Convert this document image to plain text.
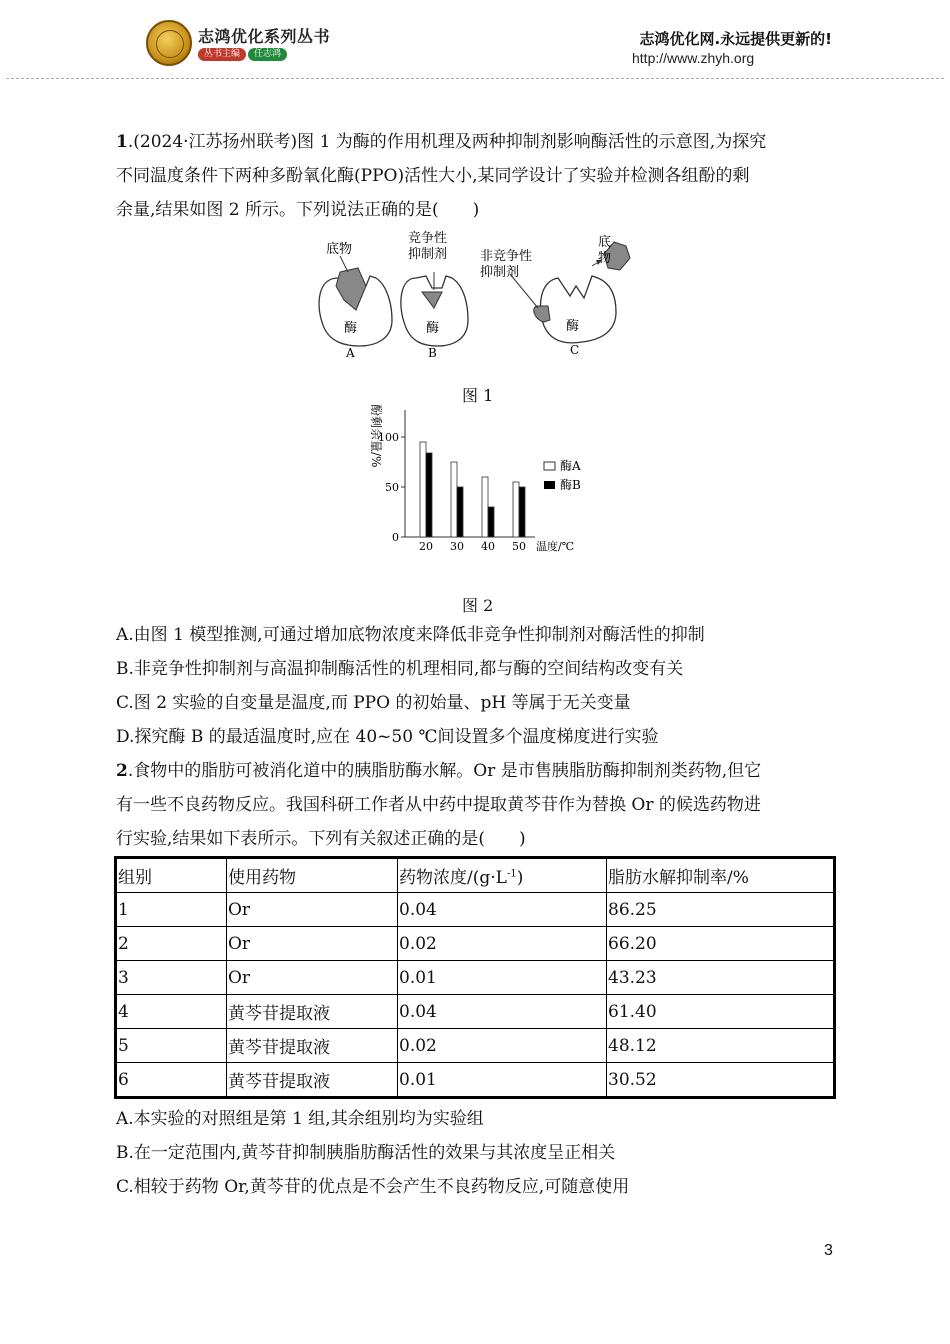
志鸿优化系列丛书
丛书主编	任志鸿
志鸿优化网.永远提供更新的!
http://www.zhyh.org
1.(2024·江苏扬州联考)图 1 为酶的作用机理及两种抑制剂影响酶活性的示意图,为探究
不同温度条件下两种多酚氧化酶(PPO)活性大小,某同学设计了实验并检测各组酚的剩
余量,结果如图 2 所示。下列说法正确的是(　　)
底物
酶
A
竞争性
抑制剂
酶
B
非竞争性
抑制剂
底
物
酶
C
图 1
酚剩余量/%
温度/℃
0
50
100
20 30 40 50
酶A
酶B
图 2
A.由图 1 模型推测,可通过增加底物浓度来降低非竞争性抑制剂对酶活性的抑制
B.非竞争性抑制剂与高温抑制酶活性的机理相同,都与酶的空间结构改变有关
C.图 2 实验的自变量是温度,而 PPO 的初始量、pH 等属于无关变量
D.探究酶 B 的最适温度时,应在 40~50 ℃间设置多个温度梯度进行实验
2.食物中的脂肪可被消化道中的胰脂肪酶水解。Or 是市售胰脂肪酶抑制剂类药物,但它
有一些不良药物反应。我国科研工作者从中药中提取黄芩苷作为替换 Or 的候选药物进
行实验,结果如下表所示。下列有关叙述正确的是(　　)
组别	使用药物	药物浓度$/(g\cdot L^{-1})$	脂肪水解抑制率/%
1	Or	0.04	86.25
2	Or	0.02	66.20
3	Or	0.01	43.23
4	黄芩苷提取液	0.04	61.40
5	黄芩苷提取液	0.02	48.12
6	黄芩苷提取液	0.01	30.52
A.本实验的对照组是第 1 组,其余组别均为实验组
B.在一定范围内,黄芩苷抑制胰脂肪酶活性的效果与其浓度呈正相关
C.相较于药物 Or,黄芩苷的优点是不会产生不良药物反应,可随意使用
3
